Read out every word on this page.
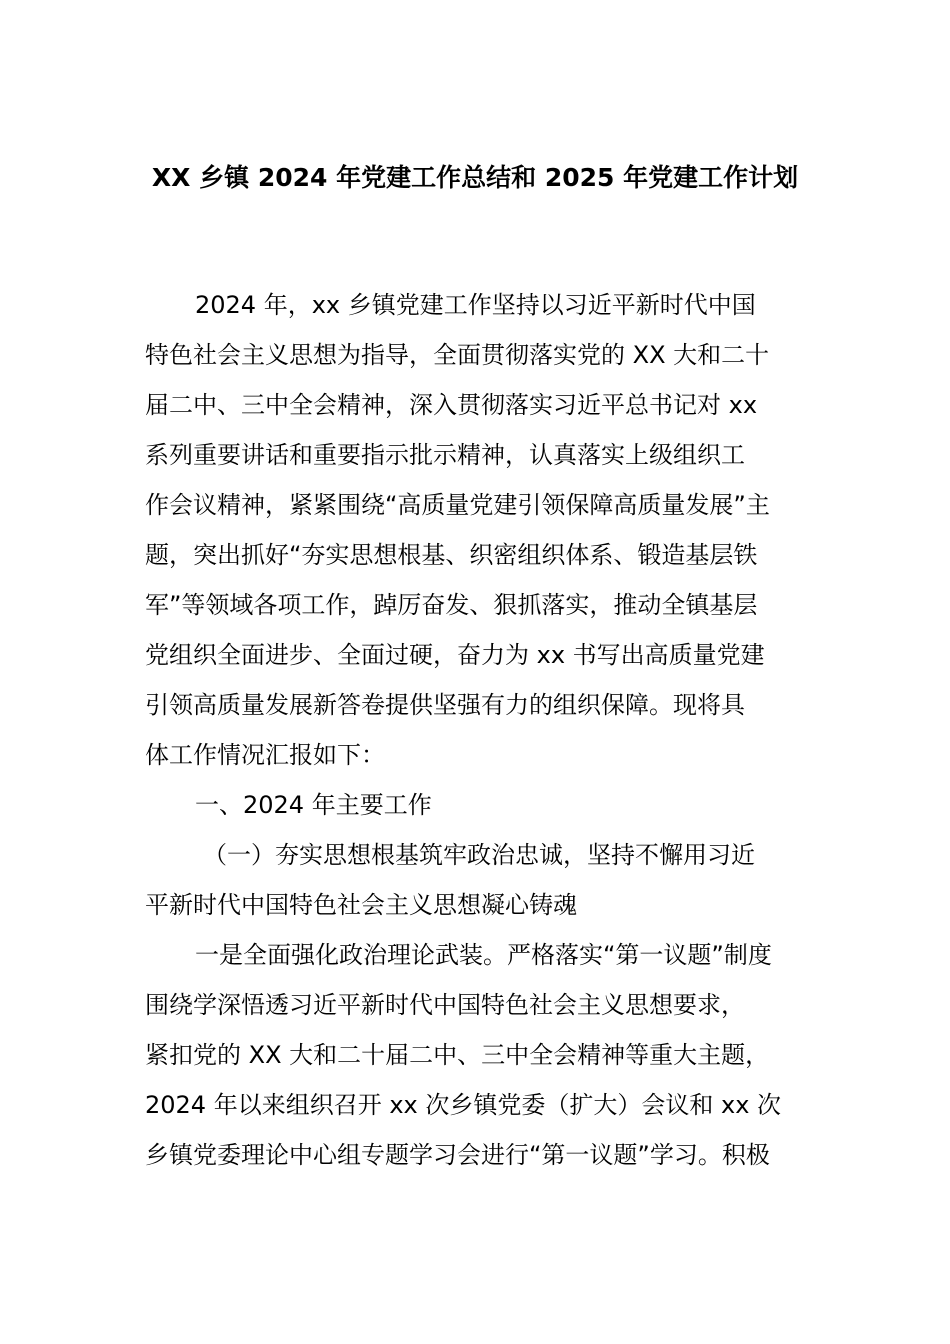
XX 乡镇 2024 年党建工作总结和 2025 年党建工作计划
2024 年，xx 乡镇党建工作坚持以习近平新时代中国
特色社会主义思想为指导，全面贯彻落实党的 XX 大和二十
届二中、三中全会精神，深入贯彻落实习近平总书记对 xx
系列重要讲话和重要指示批示精神，认真落实上级组织工
作会议精神，紧紧围绕“高质量党建引领保障高质量发展”主
题，突出抓好“夯实思想根基、织密组织体系、锻造基层铁
军”等领域各项工作，踔厉奋发、狠抓落实，推动全镇基层
党组织全面进步、全面过硬，奋力为 xx 书写出高质量党建
引领高质量发展新答卷提供坚强有力的组织保障。现将具
体工作情况汇报如下：
一、2024 年主要工作
（一）夯实思想根基筑牢政治忠诚，坚持不懈用习近
平新时代中国特色社会主义思想凝心铸魂
一是全面强化政治理论武装。严格落实“第一议题”制度
围绕学深悟透习近平新时代中国特色社会主义思想要求，
紧扣党的 XX 大和二十届二中、三中全会精神等重大主题，
2024 年以来组织召开 xx 次乡镇党委（扩大）会议和 xx 次
乡镇党委理论中心组专题学习会进行“第一议题”学习。积极
